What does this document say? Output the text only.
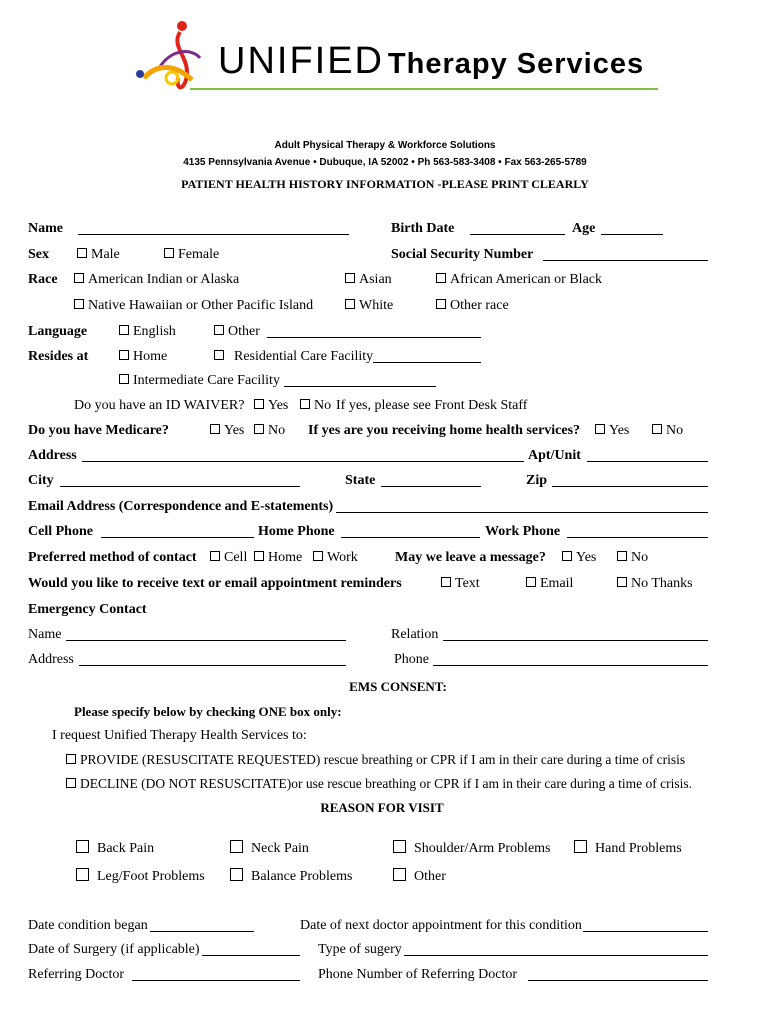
UNIFIED Therapy Services
Adult Physical Therapy & Workforce Solutions
4135 Pennsylvania Avenue • Dubuque, IA 52002 • Ph 563-583-3408 • Fax 563-265-5789
PATIENT HEALTH HISTORY INFORMATION -PLEASE PRINT CLEARLY
Name	Birth Date	Age
Sex	Male	Female	Social Security Number
Race	American Indian or Alaska	Asian	African American or Black
Native Hawaiian or Other Pacific Island	White	Other race
Language	English	Other
Resides at	Home	Residential Care Facility
Intermediate Care Facility
Do you have an ID WAIVER?	Yes	No If yes, please see Front Desk Staff
Do you have Medicare?	Yes	No If yes are you receiving home health services?	Yes	No
Address	Apt/Unit
City	State	Zip
Email Address (Correspondence and E-statements)
Cell Phone	Home Phone	Work Phone
Preferred method of contact	Cell	Home	Work	May we leave a message?	Yes	No
Would you like to receive text or email appointment reminders	Text	Email	No Thanks
Emergency Contact
Name	Relation
Address	Phone
EMS CONSENT:
Please specify below by checking ONE box only:
I request Unified Therapy Health Services to:
PROVIDE (RESUSCITATE REQUESTED) rescue breathing or CPR if I am in their care during a time of crisis
DECLINE (DO NOT RESUSCITATE)or use rescue breathing or CPR if I am in their care during a time of crisis.
REASON FOR VISIT
Back Pain	Neck Pain	Shoulder/Arm Problems	Hand Problems
Leg/Foot Problems	Balance Problems	Other
Date condition began	Date of next doctor appointment for this condition
Date of Surgery (if applicable)	Type of sugery
Referring Doctor	Phone Number of Referring Doctor
